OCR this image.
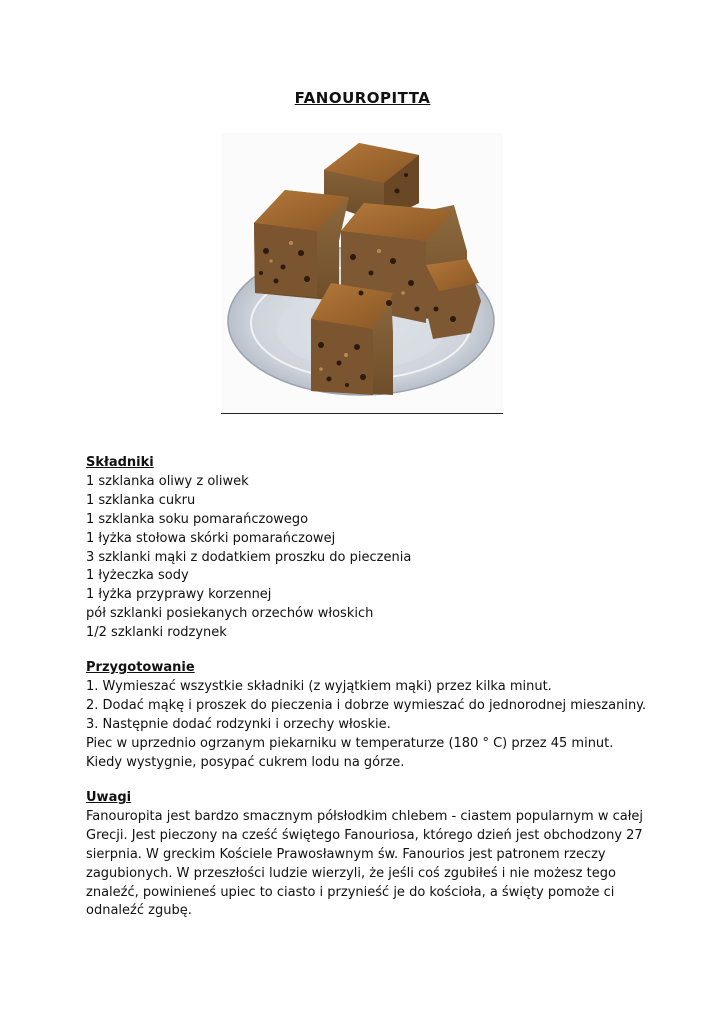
FANOUROPITTA

Składniki

1 szklanka oliwy z oliwek

1 szklanka cukru

1 szklanka soku pomarańczowego

1 łyżka stołowa skórki pomarańczowej

3 szklanki mąki z dodatkiem proszku do pieczenia

1 łyżeczka sody

1 łyżka przyprawy korzennej

pół szklanki posiekanych orzechów włoskich

1/2 szklanki rodzynek

Przygotowanie

1. Wymieszać wszystkie składniki (z wyjątkiem mąki) przez kilka minut.

2. Dodać mąkę i proszek do pieczenia i dobrze wymieszać do jednorodnej mieszaniny.

3. Następnie dodać rodzynki i orzechy włoskie.

Piec w uprzednio ogrzanym piekarniku w temperaturze (180 ° C) przez 45 minut. Kiedy wystygnie, posypać cukrem lodu na górze.

Uwagi

Fanouropita jest bardzo smacznym półsłodkim chlebem - ciastem popularnym w całej Grecji. Jest pieczony na cześć świętego Fanouriosa, którego dzień jest obchodzony 27 sierpnia. W greckim Kościele Prawosławnym św. Fanourios jest patronem rzeczy zagubionych. W przeszłości ludzie wierzyli, że jeśli coś zgubiłeś i nie możesz tego znaleźć, powinieneś upiec to ciasto i przynieść je do kościoła, a święty pomoże ci odnaleźć zgubę.
